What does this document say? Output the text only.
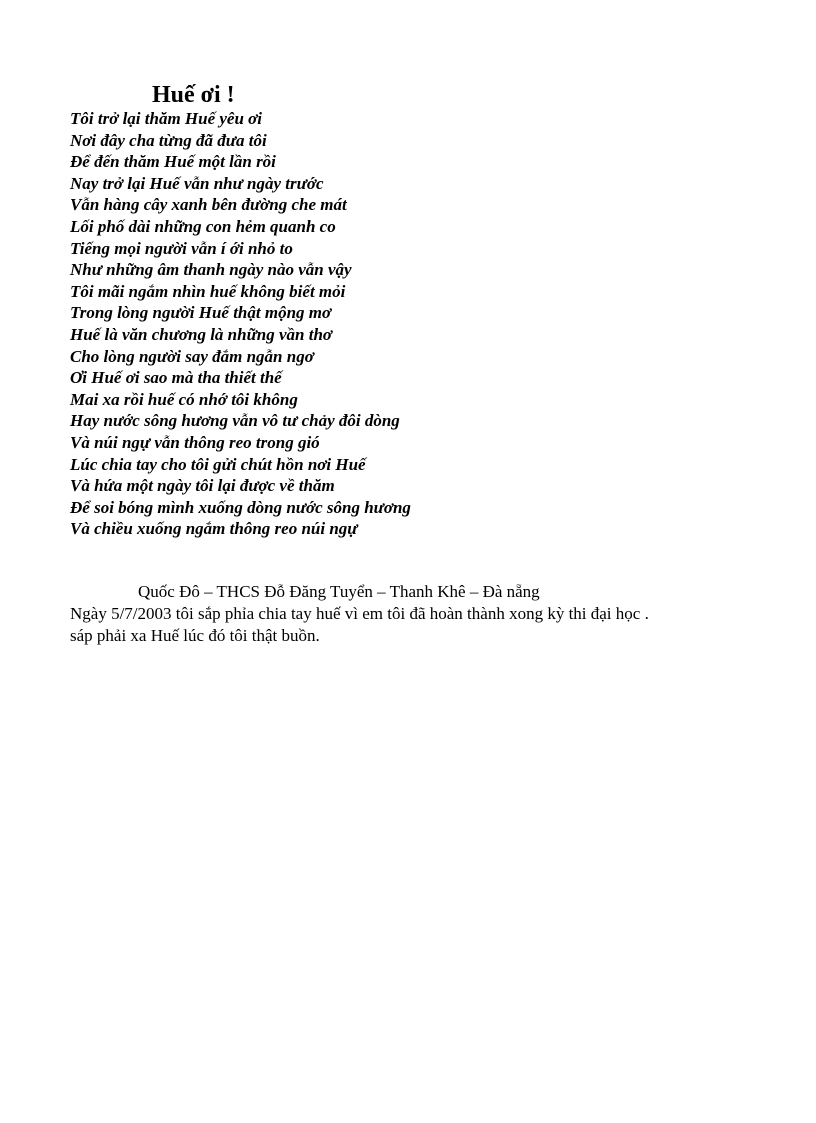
Huế ơi !
Tôi trở lại thăm Huế yêu ơi
Nơi đây cha từng đã đưa tôi
Để đến thăm Huế một lần rồi
Nay trở lại Huế vẫn như ngày trước
Vẫn hàng cây xanh bên đường che mát
Lối phố dài những con hẻm quanh co
Tiếng mọi người vẫn í ới nhỏ to
Như những âm thanh ngày nào vẫn vậy
Tôi mãi ngắm nhìn huế không biết mỏi
Trong lòng người Huế thật mộng mơ
Huế là văn chương là những vần thơ
Cho lòng người say đắm ngẫn ngơ
Ơi Huế ơi sao mà tha thiết thế
Mai xa rồi huế có nhớ tôi không
Hay nước sông hương vẫn vô tư chảy đôi dòng
Và núi ngự vẫn thông reo trong gió
Lúc chia tay cho tôi gửi chút hồn nơi Huế
Và hứa một ngày tôi lại được về thăm
Để soi bóng mình xuống dòng nước sông hương
Và chiều xuống ngắm thông reo núi ngự
Quốc Đô – THCS Đỗ Đăng Tuyển – Thanh Khê – Đà nẵng
Ngày 5/7/2003 tôi sắp phỉa chia tay huế vì em tôi đã hoàn thành xong kỳ thi đại học .
sáp phải xa Huế lúc đó tôi thật buồn.
